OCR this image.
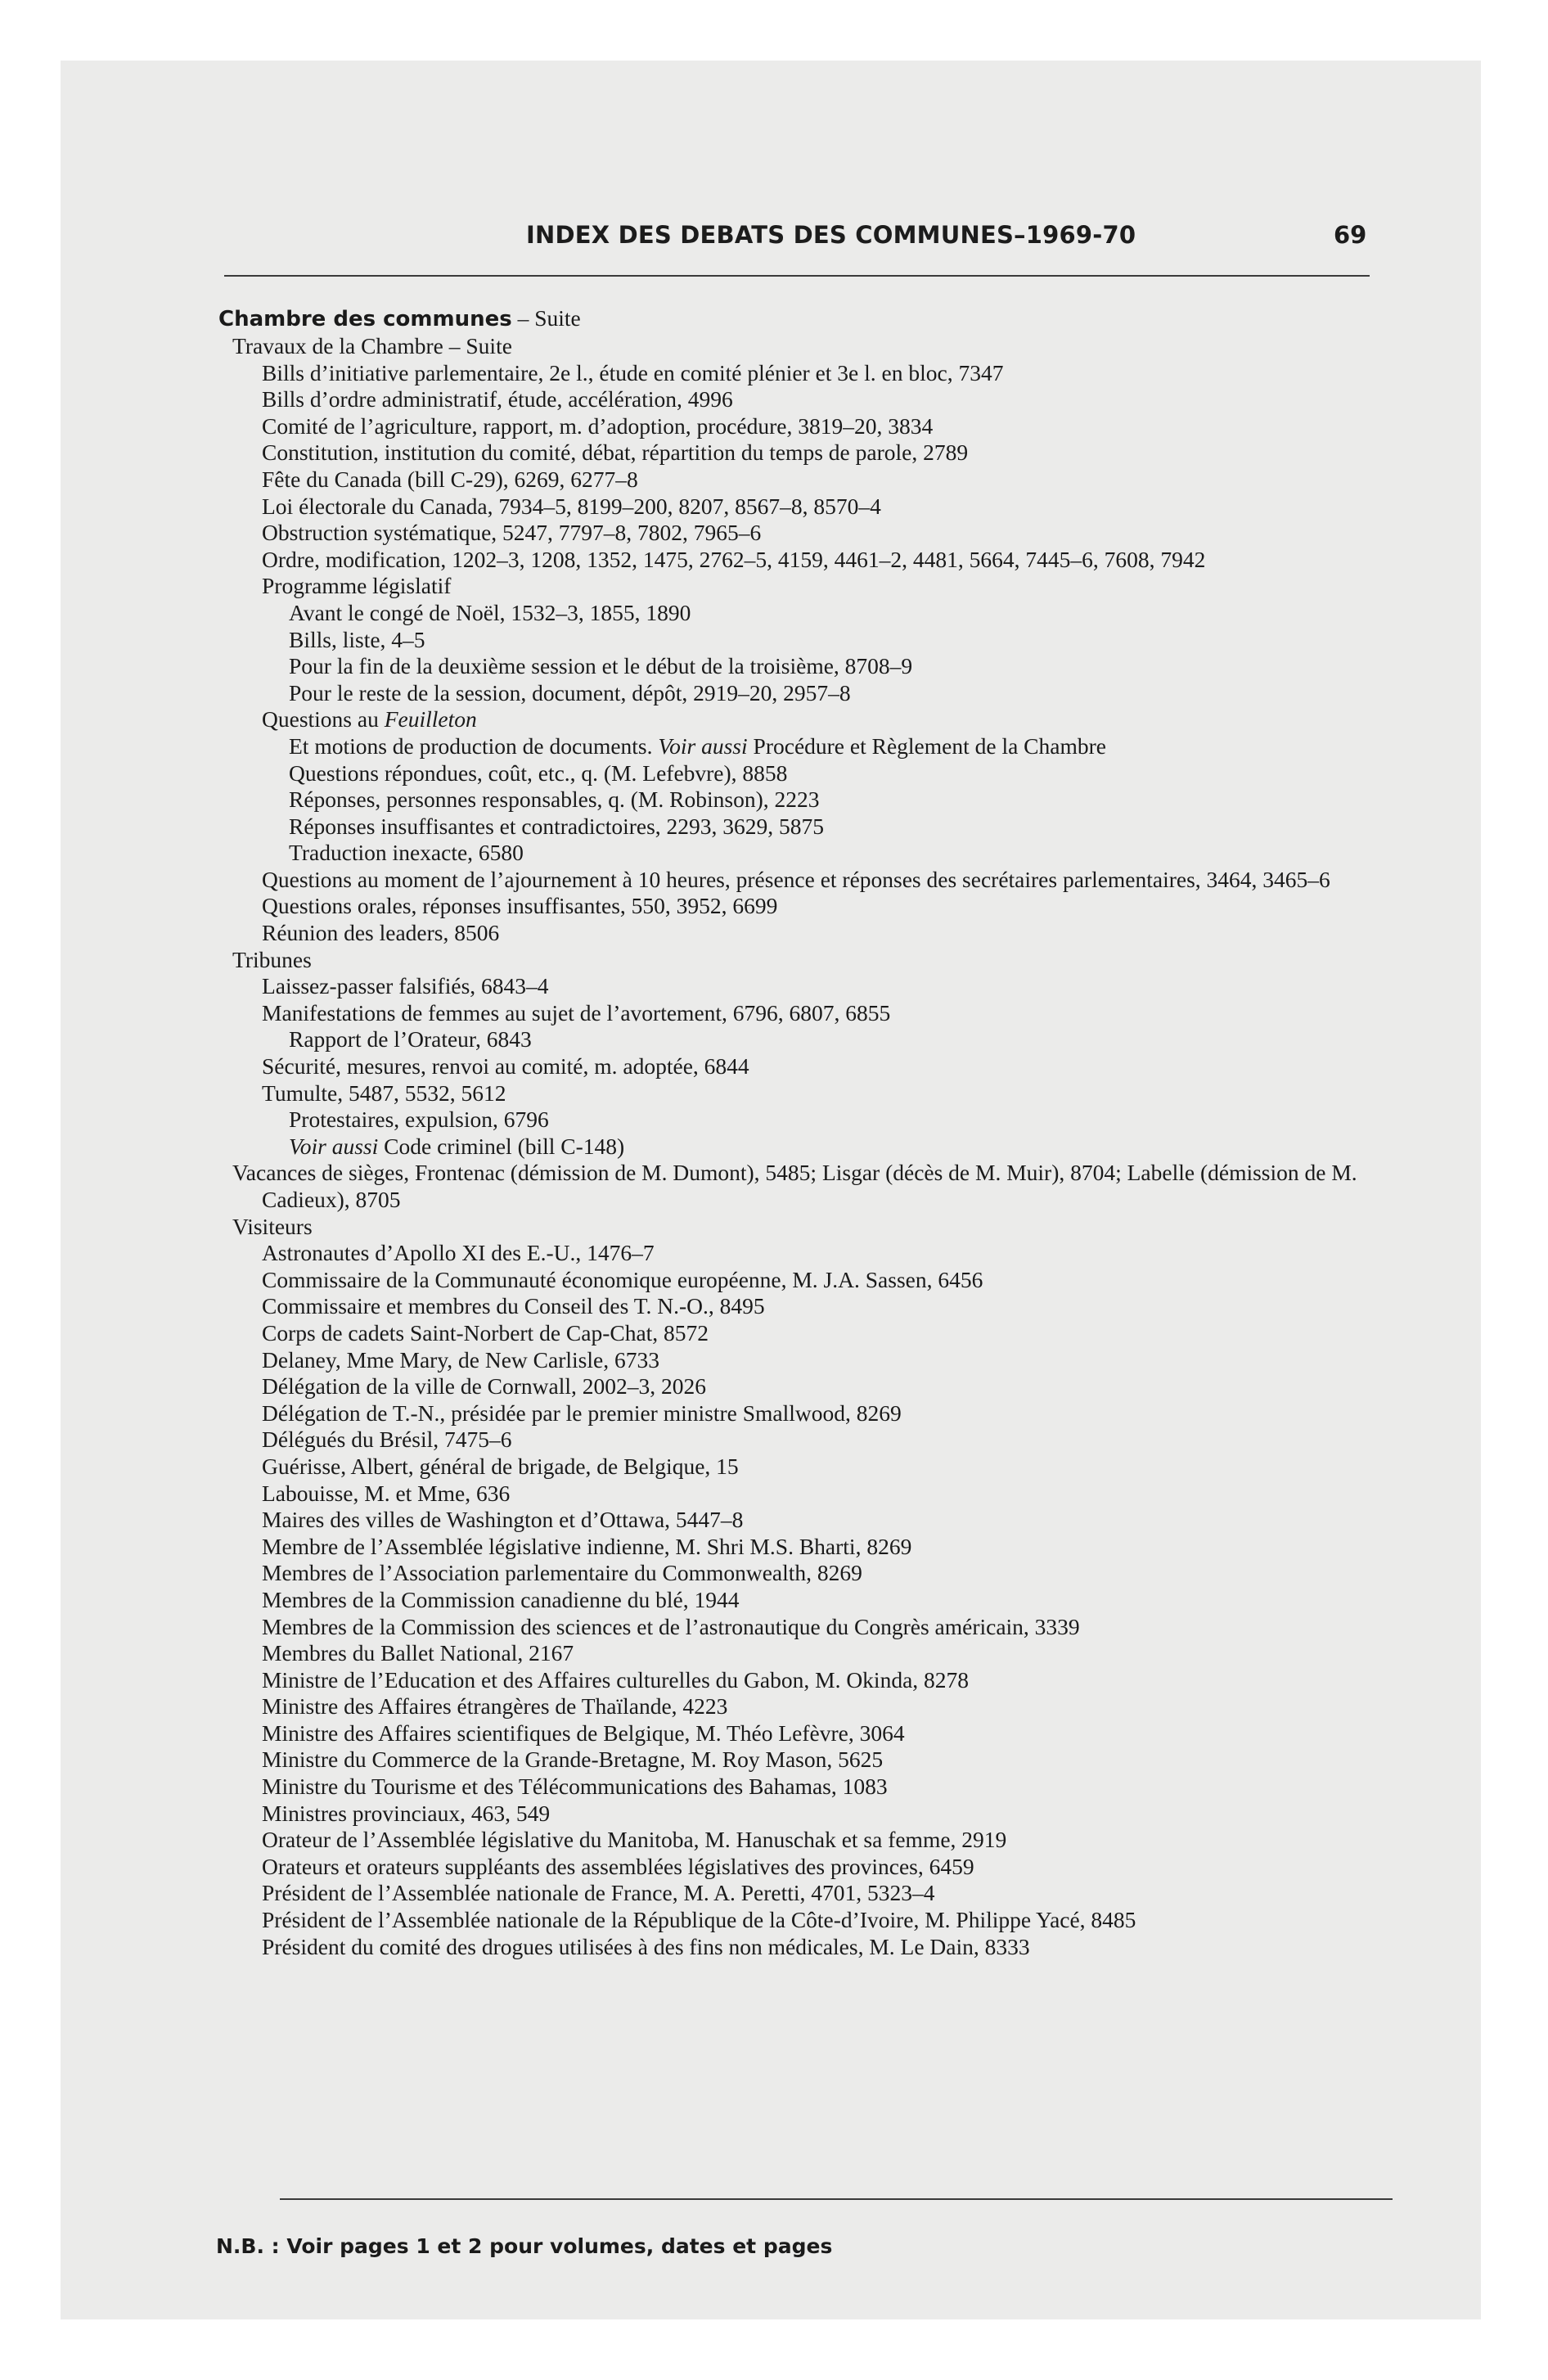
INDEX DES DEBATS DES COMMUNES–1969-70	69
Chambre des communes – Suite
Travaux de la Chambre – Suite
Bills d’initiative parlementaire, 2e l., étude en comité plénier et 3e l. en bloc, 7347
Bills d’ordre administratif, étude, accélération, 4996
Comité de l’agriculture, rapport, m. d’adoption, procédure, 3819–20, 3834
Constitution, institution du comité, débat, répartition du temps de parole, 2789
Fête du Canada (bill C-29), 6269, 6277–8
Loi électorale du Canada, 7934–5, 8199–200, 8207, 8567–8, 8570–4
Obstruction systématique, 5247, 7797–8, 7802, 7965–6
Ordre, modification, 1202–3, 1208, 1352, 1475, 2762–5, 4159, 4461–2, 4481, 5664, 7445–6, 7608, 7942
Programme législatif
Avant le congé de Noël, 1532–3, 1855, 1890
Bills, liste, 4–5
Pour la fin de la deuxième session et le début de la troisième, 8708–9
Pour le reste de la session, document, dépôt, 2919–20, 2957–8
Questions au Feuilleton
Et motions de production de documents. Voir aussi Procédure et Règlement de la Chambre
Questions répondues, coût, etc., q. (M. Lefebvre), 8858
Réponses, personnes responsables, q. (M. Robinson), 2223
Réponses insuffisantes et contradictoires, 2293, 3629, 5875
Traduction inexacte, 6580
Questions au moment de l’ajournement à 10 heures, présence et réponses des secrétaires parlementaires, 3464, 3465–6
Questions orales, réponses insuffisantes, 550, 3952, 6699
Réunion des leaders, 8506
Tribunes
Laissez-passer falsifiés, 6843–4
Manifestations de femmes au sujet de l’avortement, 6796, 6807, 6855
Rapport de l’Orateur, 6843
Sécurité, mesures, renvoi au comité, m. adoptée, 6844
Tumulte, 5487, 5532, 5612
Protestaires, expulsion, 6796
Voir aussi Code criminel (bill C-148)
Vacances de sièges, Frontenac (démission de M. Dumont), 5485; Lisgar (décès de M. Muir), 8704; Labelle (démission de M. Cadieux), 8705
Visiteurs
Astronautes d’Apollo XI des E.-U., 1476–7
Commissaire de la Communauté économique européenne, M. J.A. Sassen, 6456
Commissaire et membres du Conseil des T. N.-O., 8495
Corps de cadets Saint-Norbert de Cap-Chat, 8572
Delaney, Mme Mary, de New Carlisle, 6733
Délégation de la ville de Cornwall, 2002–3, 2026
Délégation de T.-N., présidée par le premier ministre Smallwood, 8269
Délégués du Brésil, 7475–6
Guérisse, Albert, général de brigade, de Belgique, 15
Labouisse, M. et Mme, 636
Maires des villes de Washington et d’Ottawa, 5447–8
Membre de l’Assemblée législative indienne, M. Shri M.S. Bharti, 8269
Membres de l’Association parlementaire du Commonwealth, 8269
Membres de la Commission canadienne du blé, 1944
Membres de la Commission des sciences et de l’astronautique du Congrès américain, 3339
Membres du Ballet National, 2167
Ministre de l’Education et des Affaires culturelles du Gabon, M. Okinda, 8278
Ministre des Affaires étrangères de Thaïlande, 4223
Ministre des Affaires scientifiques de Belgique, M. Théo Lefèvre, 3064
Ministre du Commerce de la Grande-Bretagne, M. Roy Mason, 5625
Ministre du Tourisme et des Télécommunications des Bahamas, 1083
Ministres provinciaux, 463, 549
Orateur de l’Assemblée législative du Manitoba, M. Hanuschak et sa femme, 2919
Orateurs et orateurs suppléants des assemblées législatives des provinces, 6459
Président de l’Assemblée nationale de France, M. A. Peretti, 4701, 5323–4
Président de l’Assemblée nationale de la République de la Côte-d’Ivoire, M. Philippe Yacé, 8485
Président du comité des drogues utilisées à des fins non médicales, M. Le Dain, 8333
N.B. : Voir pages 1 et 2 pour volumes, dates et pages
